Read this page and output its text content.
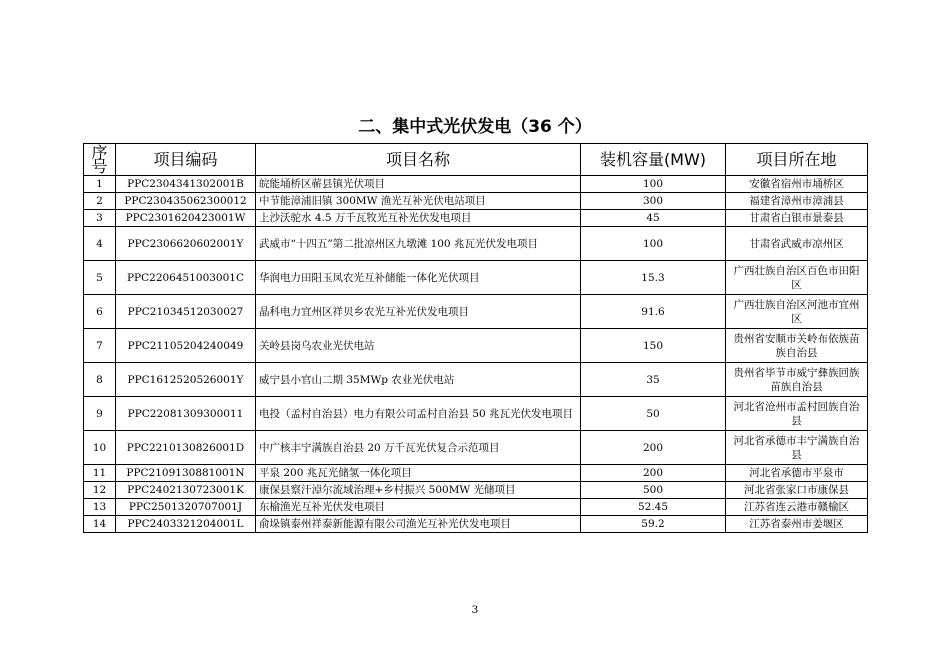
二、集中式光伏发电（36 个）
序号	项目编码	项目名称	装机容量(MW)	项目所在地
1	PPC2304341302001B	皖能埇桥区蕲县镇光伏项目	100	安徽省宿州市埇桥区
2	PPC230435062300012	中节能漳浦旧镇 300MW 渔光互补光伏电站项目	300	福建省漳州市漳浦县
3	PPC2301620423001W	上沙沃驼水 4.5 万千瓦牧光互补光伏发电项目	45	甘肃省白银市景泰县
4	PPC2306620602001Y	武威市“十四五”第二批凉州区九墩滩 100 兆瓦光伏发电项目	100	甘肃省武威市凉州区
5	PPC2206451003001C	华润电力田阳玉凤农光互补储能一体化光伏项目	15.3	广西壮族自治区百色市田阳区
6	PPC21034512030027	晶科电力宜州区祥贝乡农光互补光伏发电项目	91.6	广西壮族自治区河池市宜州区
7	PPC21105204240049	关岭县岗乌农业光伏电站	150	贵州省安顺市关岭布依族苗族自治县
8	PPC1612520526001Y	威宁县小官山二期 35MWp 农业光伏电站	35	贵州省毕节市威宁彝族回族苗族自治县
9	PPC22081309300011	电投（孟村自治县）电力有限公司孟村自治县 50 兆瓦光伏发电项目	50	河北省沧州市孟村回族自治县
10	PPC2210130826001D	中广核丰宁满族自治县 20 万千瓦光伏复合示范项目	200	河北省承德市丰宁满族自治县
11	PPC2109130881001N	平泉 200 兆瓦光储氢一体化项目	200	河北省承德市平泉市
12	PPC2402130723001K	康保县察汗淖尔流域治理+乡村振兴 500MW 光储项目	500	河北省张家口市康保县
13	PPC2501320707001J	东榆渔光互补光伏发电项目	52.45	江苏省连云港市赣榆区
14	PPC2403321204001L	俞垛镇泰州祥泰新能源有限公司渔光互补光伏发电项目	59.2	江苏省泰州市姜堰区
3
